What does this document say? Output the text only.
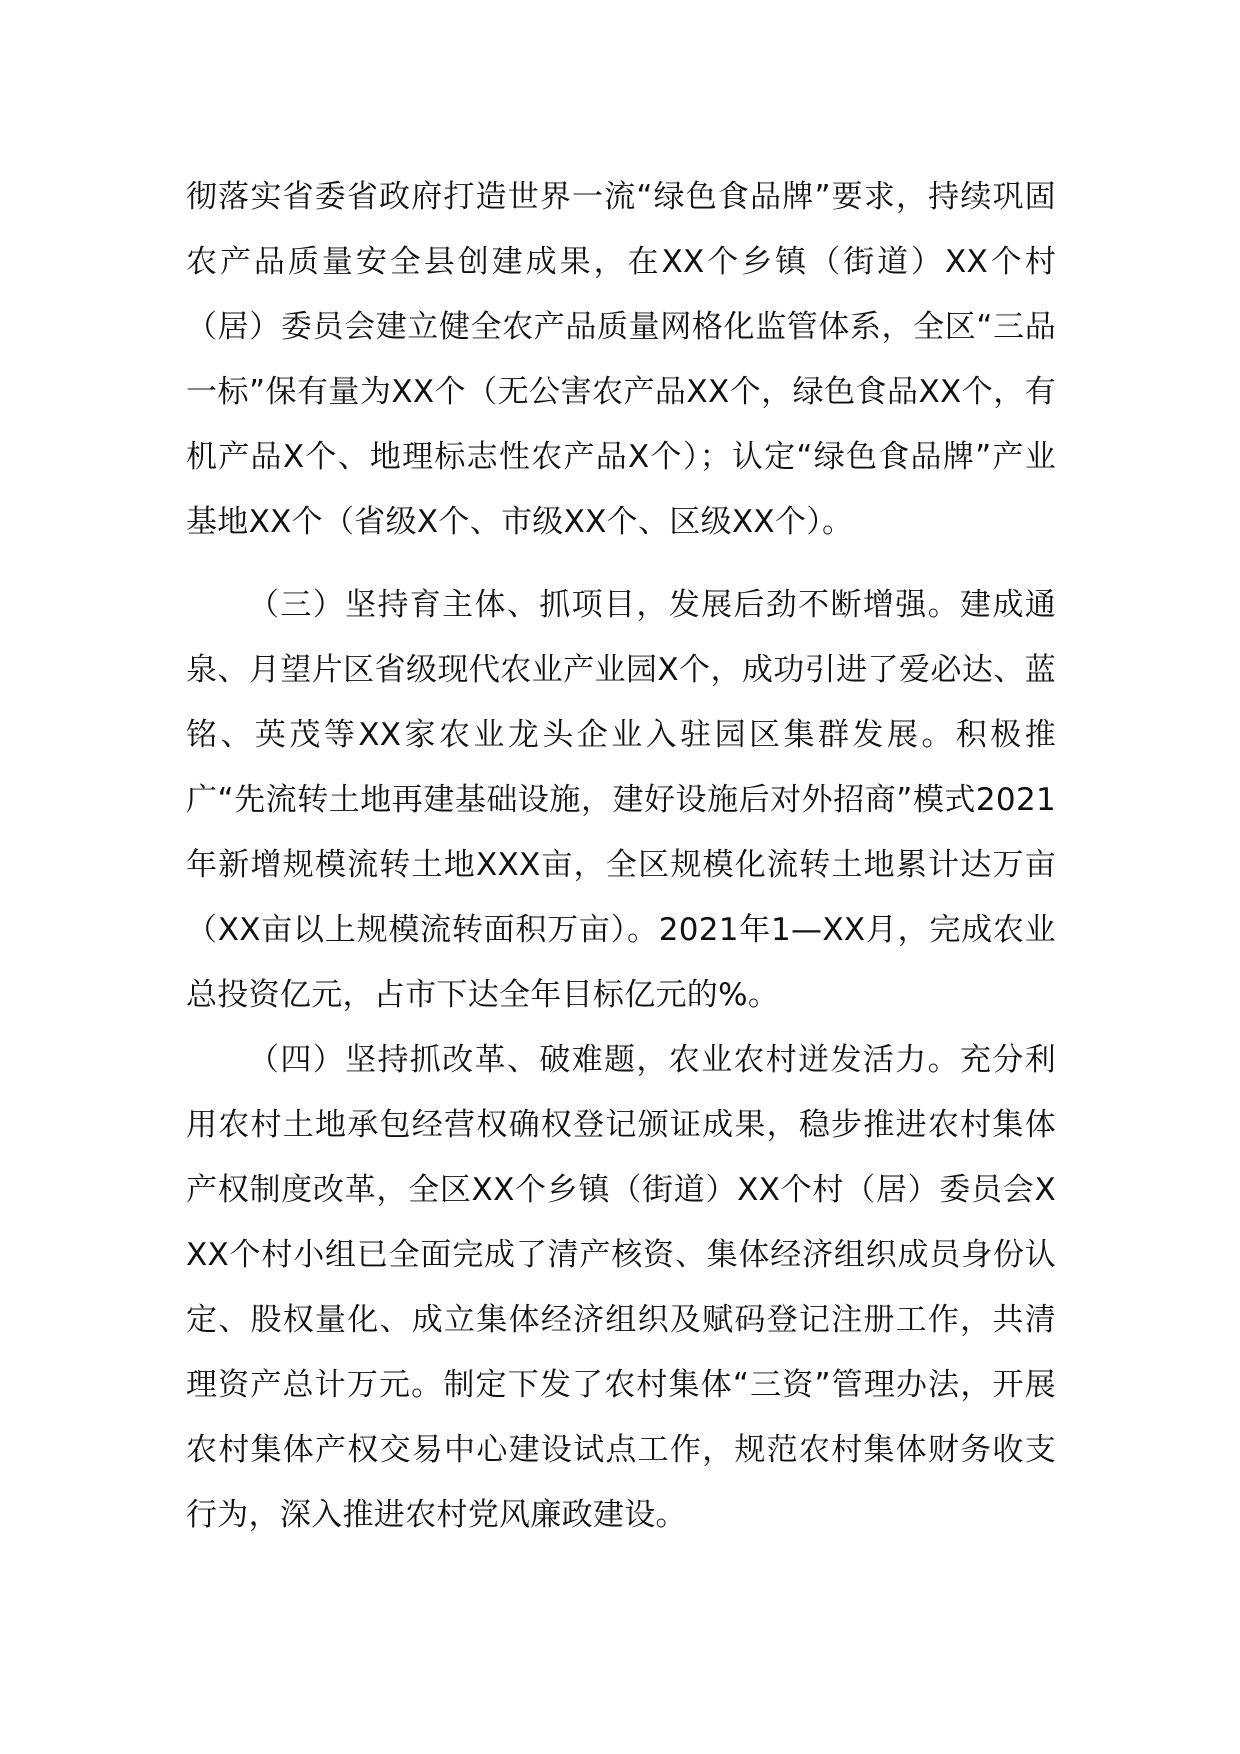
彻落实省委省政府打造世界一流“绿色食品牌”要求，持续巩固农产品质量安全县创建成果，在XX个乡镇（街道）XX个村（居）委员会建立健全农产品质量网格化监管体系，全区“三品一标”保有量为XX个（无公害农产品XX个，绿色食品XX个，有机产品X个、地理标志性农产品X个）；认定“绿色食品牌”产业基地XX个（省级X个、市级XX个、区级XX个）。

（三）坚持育主体、抓项目，发展后劲不断增强。建成通泉、月望片区省级现代农业产业园X个，成功引进了爱必达、蓝铭、英茂等XX家农业龙头企业入驻园区集群发展。积极推广“先流转土地再建基础设施，建好设施后对外招商”模式2021年新增规模流转土地XXX亩，全区规模化流转土地累计达万亩（XX亩以上规模流转面积万亩）。2021年1—XX月，完成农业总投资亿元，占市下达全年目标亿元的%。

（四）坚持抓改革、破难题，农业农村迸发活力。充分利用农村土地承包经营权确权登记颁证成果，稳步推进农村集体产权制度改革，全区XX个乡镇（街道）XX个村（居）委员会XXX个村小组已全面完成了清产核资、集体经济组织成员身份认定、股权量化、成立集体经济组织及赋码登记注册工作，共清理资产总计万元。制定下发了农村集体“三资”管理办法，开展农村集体产权交易中心建设试点工作，规范农村集体财务收支行为，深入推进农村党风廉政建设。
